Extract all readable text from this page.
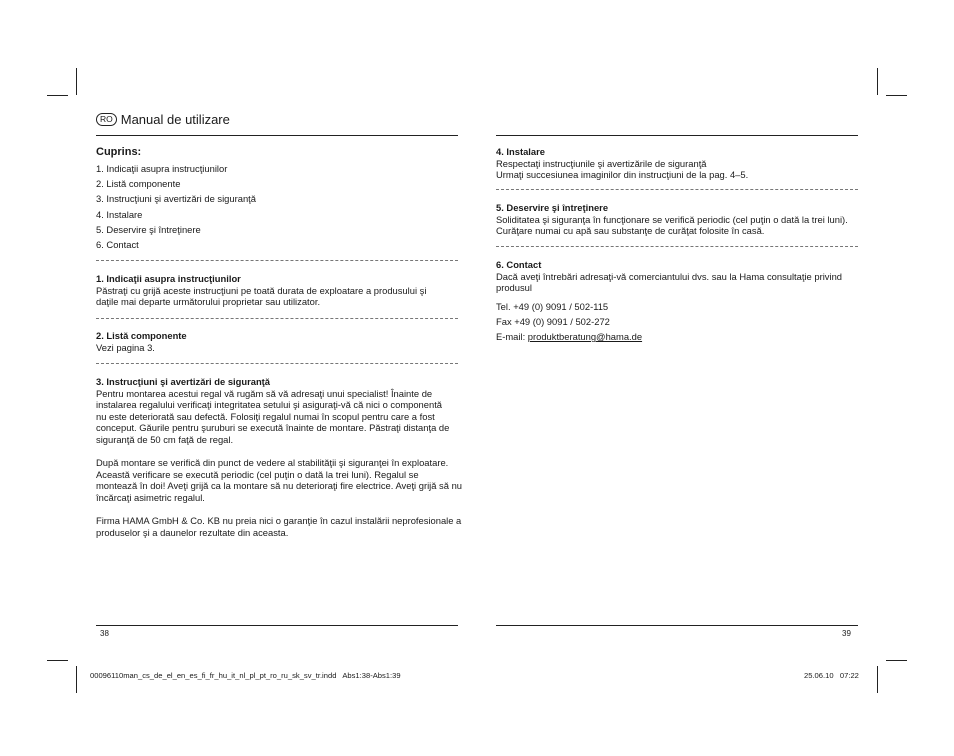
RO Manual de utilizare
Cuprins:
1. Indicaţii asupra instrucţiunilor
2. Listă componente
3. Instrucţiuni şi avertizări de siguranţă
4. Instalare
5. Deservire şi întreţinere
6. Contact
1. Indicaţii asupra instrucţiunilor
Păstraţi cu grijă aceste instrucţiuni pe toată durata de exploatare a produsului şi
daţile mai departe următorului proprietar sau utilizator.
2. Listă componente
Vezi pagina 3.
3. Instrucţiuni şi avertizări de siguranţă
Pentru montarea acestui regal vă rugăm să vă adresaţi unui specialist! Înainte de
instalarea regalului verificaţi integritatea setului şi asiguraţi-vă că nici o componentă
nu este deteriorată sau defectă. Folosiţi regalul numai în scopul pentru care a fost
conceput. Găurile pentru şuruburi se execută înainte de montare. Păstraţi distanţa de
siguranţă de 50 cm faţă de regal.
După montare se verifică din punct de vedere al stabilităţii şi siguranţei în exploatare.
Această verificare se execută periodic (cel puţin o dată la trei luni). Regalul se
montează în doi! Aveţi grijă ca la montare să nu deterioraţi fire electrice. Aveţi grijă să nu
încărcaţi asimetric regalul.
Firma HAMA GmbH & Co. KB nu preia nici o garanţie în cazul instalării neprofesionale a
produselor şi a daunelor rezultate din aceasta.
4. Instalare
Respectaţi instrucţiunile şi avertizările de siguranţă
Urmaţi succesiunea imaginilor din instrucţiuni de la pag. 4–5.
5. Deservire şi întreţinere
Soliditatea şi siguranţa în funcţionare se verifică periodic (cel puţin o dată la trei luni).
Curăţare numai cu apă sau substanţe de curăţat folosite în casă.
6. Contact
Dacă aveţi întrebări adresaţi-vă comerciantului dvs. sau la Hama consultaţie privind
produsul
Tel. +49 (0) 9091 / 502-115
Fax +49 (0) 9091 / 502-272
E-mail: produktberatung@hama.de
38	39
00096110man_cs_de_el_en_es_fi_fr_hu_it_nl_pl_pt_ro_ru_sk_sv_tr.indd   Abs1:38-Abs1:39	25.06.10   07:22
